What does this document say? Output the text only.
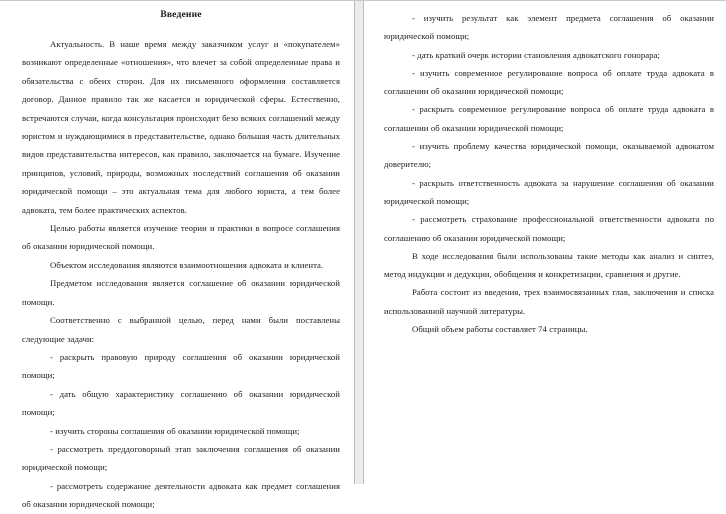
Введение

Актуальность. В наше время между заказчиком услуг и «покупателем» возникают определенные «отношения», что влечет за собой определенные права и обязательства с обеих сторон. Для их письменного оформления составляется договор. Данное правило так же касается и юридической сферы. Естественно, встречаются случаи, когда консультация происходит безо всяких соглашений между юристом и нуждающимися в представительстве, однако большая часть длительных видов представительства интересов, как правило, заключается на бумаге. Изучение принципов, условий, природы, возможных последствий соглашения об оказании юридической помощи – это актуальная тема для любого юриста, а тем более адвоката, тем более практических аспектов.

Целью работы является изучение теории и практики в вопросе соглашения об оказании юридической помощи.

Объектом исследования являются взаимоотношения адвоката и клиента.

Предметом исследования является соглашение об оказании юридической помощи.

Соответственно с выбранной целью, перед нами были поставлены следующие задачи:

- раскрыть правовую природу соглашения об оказании юридической помощи;

- дать общую характеристику соглашению об оказании юридической помощи;

- изучить стороны соглашения об оказании юридической помощи;

- рассмотреть преддоговорный этап заключения соглашения об оказании юридической помощи;

- рассмотреть содержание деятельности адвоката как предмет соглашения об оказании юридической помощи;

- изучить результат как элемент предмета соглашения об оказании юридической помощи;

- дать краткий очерк истории становления адвокатского гонорара;

- изучить современное регулирование вопроса об оплате труда адвоката в соглашении об оказании юридической помощи;

- раскрыть современное регулирование вопроса об оплате труда адвоката в соглашении об оказании юридической помощи;

- изучить проблему качества юридической помощи, оказываемой адвокатом доверителю;

- раскрыть ответственность адвоката за нарушение соглашения об оказании юридической помощи;

- рассмотреть страхование профессиональной ответственности адвоката по соглашению об оказании юридической помощи;

В ходе исследования были использованы такие методы как анализ и синтез, метод индукции и дедукции, обобщения и конкретизации, сравнения и другие.

Работа состоит из введения, трех взаимосвязанных глав, заключения и списка использованной научной литературы.

Общий объем работы составляет 74 страницы.
